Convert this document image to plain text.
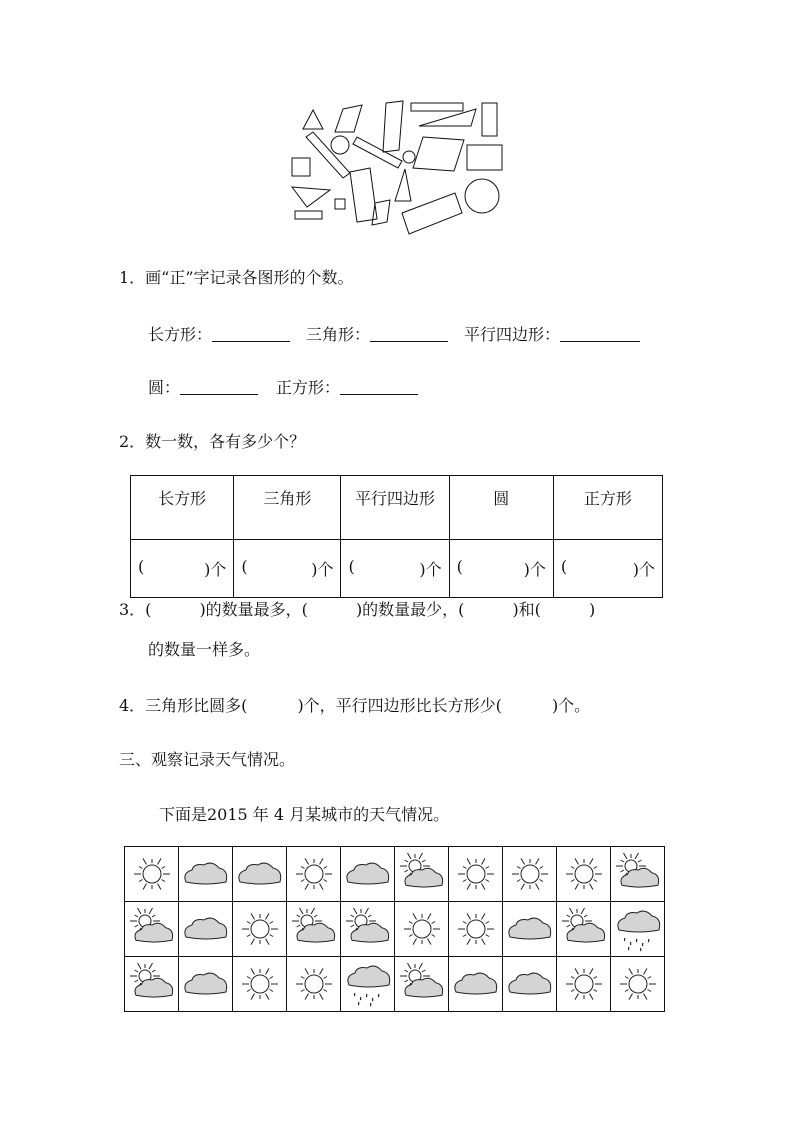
1．画“正”字记录各图形的个数。
长方形：	三角形：	平行四边形：
圆：	正方形：
2．数一数，各有多少个？
长方形	三角形	平行四边形	圆	正方形

( )个	( )个	( )个	( )个	( )个
3．(	)的数量最多，(	)的数量最少，(	)和(	)
的数量一样多。
4．三角形比圆多(	)个，平行四边形比长方形少(	)个。
三、观察记录天气情况。
下面是2015 年 4 月某城市的天气情况。
